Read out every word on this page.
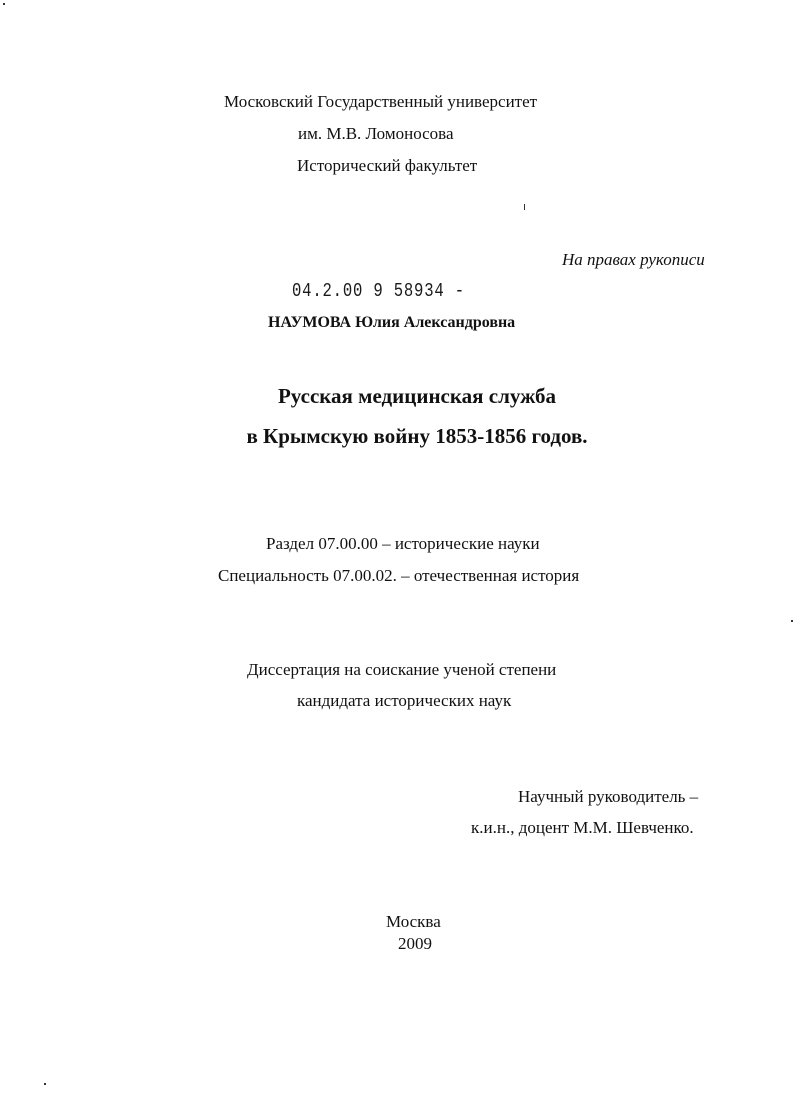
Московский Государственный университет
им. М.В. Ломоносова
Исторический факультет
На правах рукописи
04.2.00 9 58934 -
НАУМОВА Юлия Александровна
Русская медицинская служба
в Крымскую войну 1853-1856 годов.
Раздел 07.00.00 – исторические науки
Специальность 07.00.02. – отечественная история
Диссертация на соискание ученой степени
кандидата исторических наук
Научный руководитель –
к.и.н., доцент М.М. Шевченко.
Москва
2009
